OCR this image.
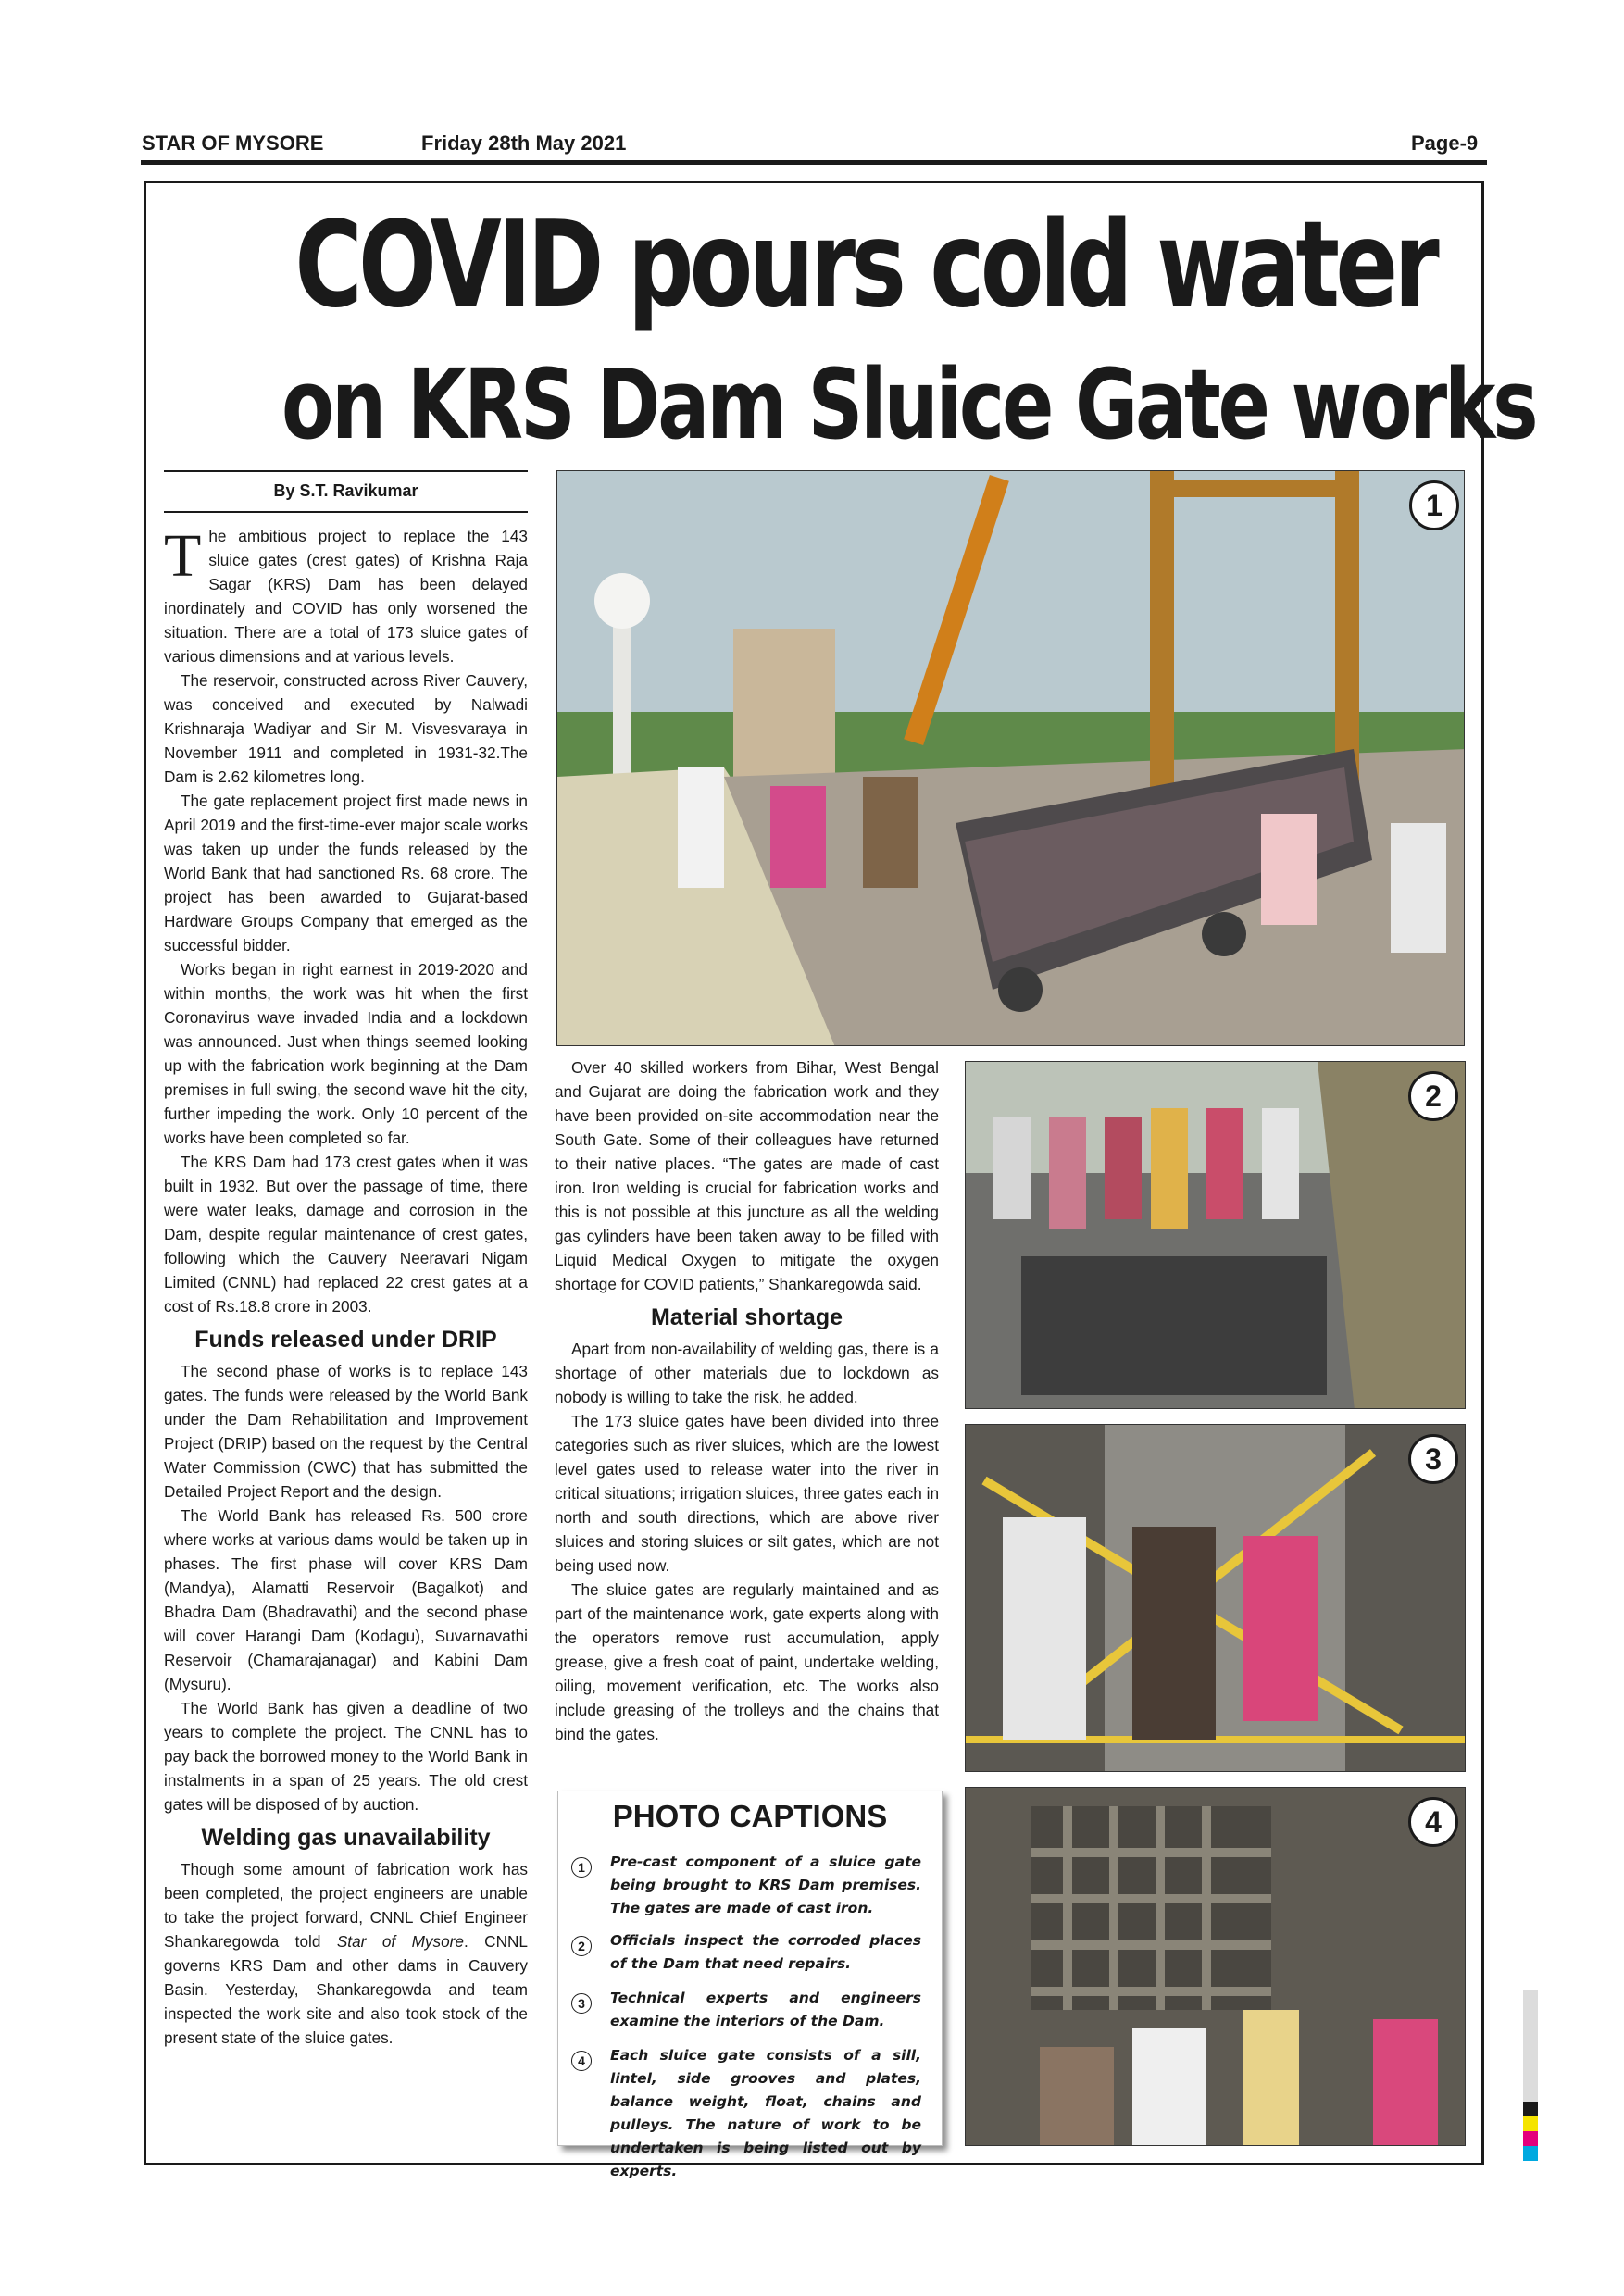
STAR OF MYSORE	Friday 28th May 2021	Page-9
COVID pours cold water
on KRS Dam Sluice Gate works
By S.T. Ravikumar

The ambitious project to replace the 143 sluice gates (crest gates) of Krishna Raja Sagar (KRS) Dam has been delayed inordinately and COVID has only worsened the situation. There are a total of 173 sluice gates of various dimensions and at various levels.

The reservoir, constructed across River Cauvery, was conceived and executed by Nalwadi Krishnaraja Wadiyar and Sir M. Visvesvaraya in November 1911 and completed in 1931-32.The Dam is 2.62 kilometres long.

The gate replacement project first made news in April 2019 and the first-time-ever major scale works was taken up under the funds released by the World Bank that had sanctioned Rs. 68 crore. The project has been awarded to Gujarat-based Hardware Groups Company that emerged as the successful bidder.

Works began in right earnest in 2019-2020 and within months, the work was hit when the first Coronavirus wave invaded India and a lockdown was announced. Just when things seemed looking up with the fabrication work beginning at the Dam premises in full swing, the second wave hit the city, further impeding the work. Only 10 percent of the works have been completed so far.

The KRS Dam had 173 crest gates when it was built in 1932. But over the passage of time, there were water leaks, damage and corrosion in the Dam, despite regular maintenance of crest gates, following which the Cauvery Neeravari Nigam Limited (CNNL) had replaced 22 crest gates at a cost of Rs.18.8 crore in 2003.

Funds released under DRIP

The second phase of works is to replace 143 gates. The funds were released by the World Bank under the Dam Rehabilitation and Improvement Project (DRIP) based on the request by the Central Water Commission (CWC) that has submitted the Detailed Project Report and the design.

The World Bank has released Rs. 500 crore where works at various dams would be taken up in phases. The first phase will cover KRS Dam (Mandya), Alamatti Reservoir (Bagalkot) and Bhadra Dam (Bhadravathi) and the second phase will cover Harangi Dam (Kodagu), Suvarnavathi Reservoir (Chamarajanagar) and Kabini Dam (Mysuru).

The World Bank has given a deadline of two years to complete the project. The CNNL has to pay back the borrowed money to the World Bank in instalments in a span of 25 years. The old crest gates will be disposed of by auction.

Welding gas unavailability

Though some amount of fabrication work has been completed, the project engineers are unable to take the project forward, CNNL Chief Engineer Shankaregowda told Star of Mysore. CNNL governs KRS Dam and other dams in Cauvery Basin. Yesterday, Shankaregowda and team inspected the work site and also took stock of the present state of the sluice gates.

Over 40 skilled workers from Bihar, West Bengal and Gujarat are doing the fabrication work and they have been provided on-site accommodation near the South Gate. Some of their colleagues have returned to their native places. “The gates are made of cast iron. Iron welding is crucial for fabrication works and this is not possible at this juncture as all the welding gas cylinders have been taken away to be filled with Liquid Medical Oxygen to mitigate the oxygen shortage for COVID patients,” Shankaregowda said.

Material shortage

Apart from non-availability of welding gas, there is a shortage of other materials due to lockdown as nobody is willing to take the risk, he added.

The 173 sluice gates have been divided into three categories such as river sluices, which are the lowest level gates used to release water into the river in critical situations; irrigation sluices, three gates each in north and south directions, which are above river sluices and storing sluices or silt gates, which are not being used now.

The sluice gates are regularly maintained and as part of the maintenance work, gate experts along with the operators remove rust accumulation, apply grease, give a fresh coat of paint, undertake welding, oiling, movement verification, etc. The works also include greasing of the trolleys and the chains that bind the gates.

1
2
3
4
PHOTO CAPTIONS
1	Pre-cast component of a sluice gate being brought to KRS Dam premises. The gates are made of cast iron.
2	Officials inspect the corroded places of the Dam that need repairs.
3	Technical experts and engineers examine the interiors of the Dam.
4	Each sluice gate consists of a sill, lintel, side grooves and plates, balance weight, float, chains and pulleys. The nature of work to be undertaken is being listed out by experts.
